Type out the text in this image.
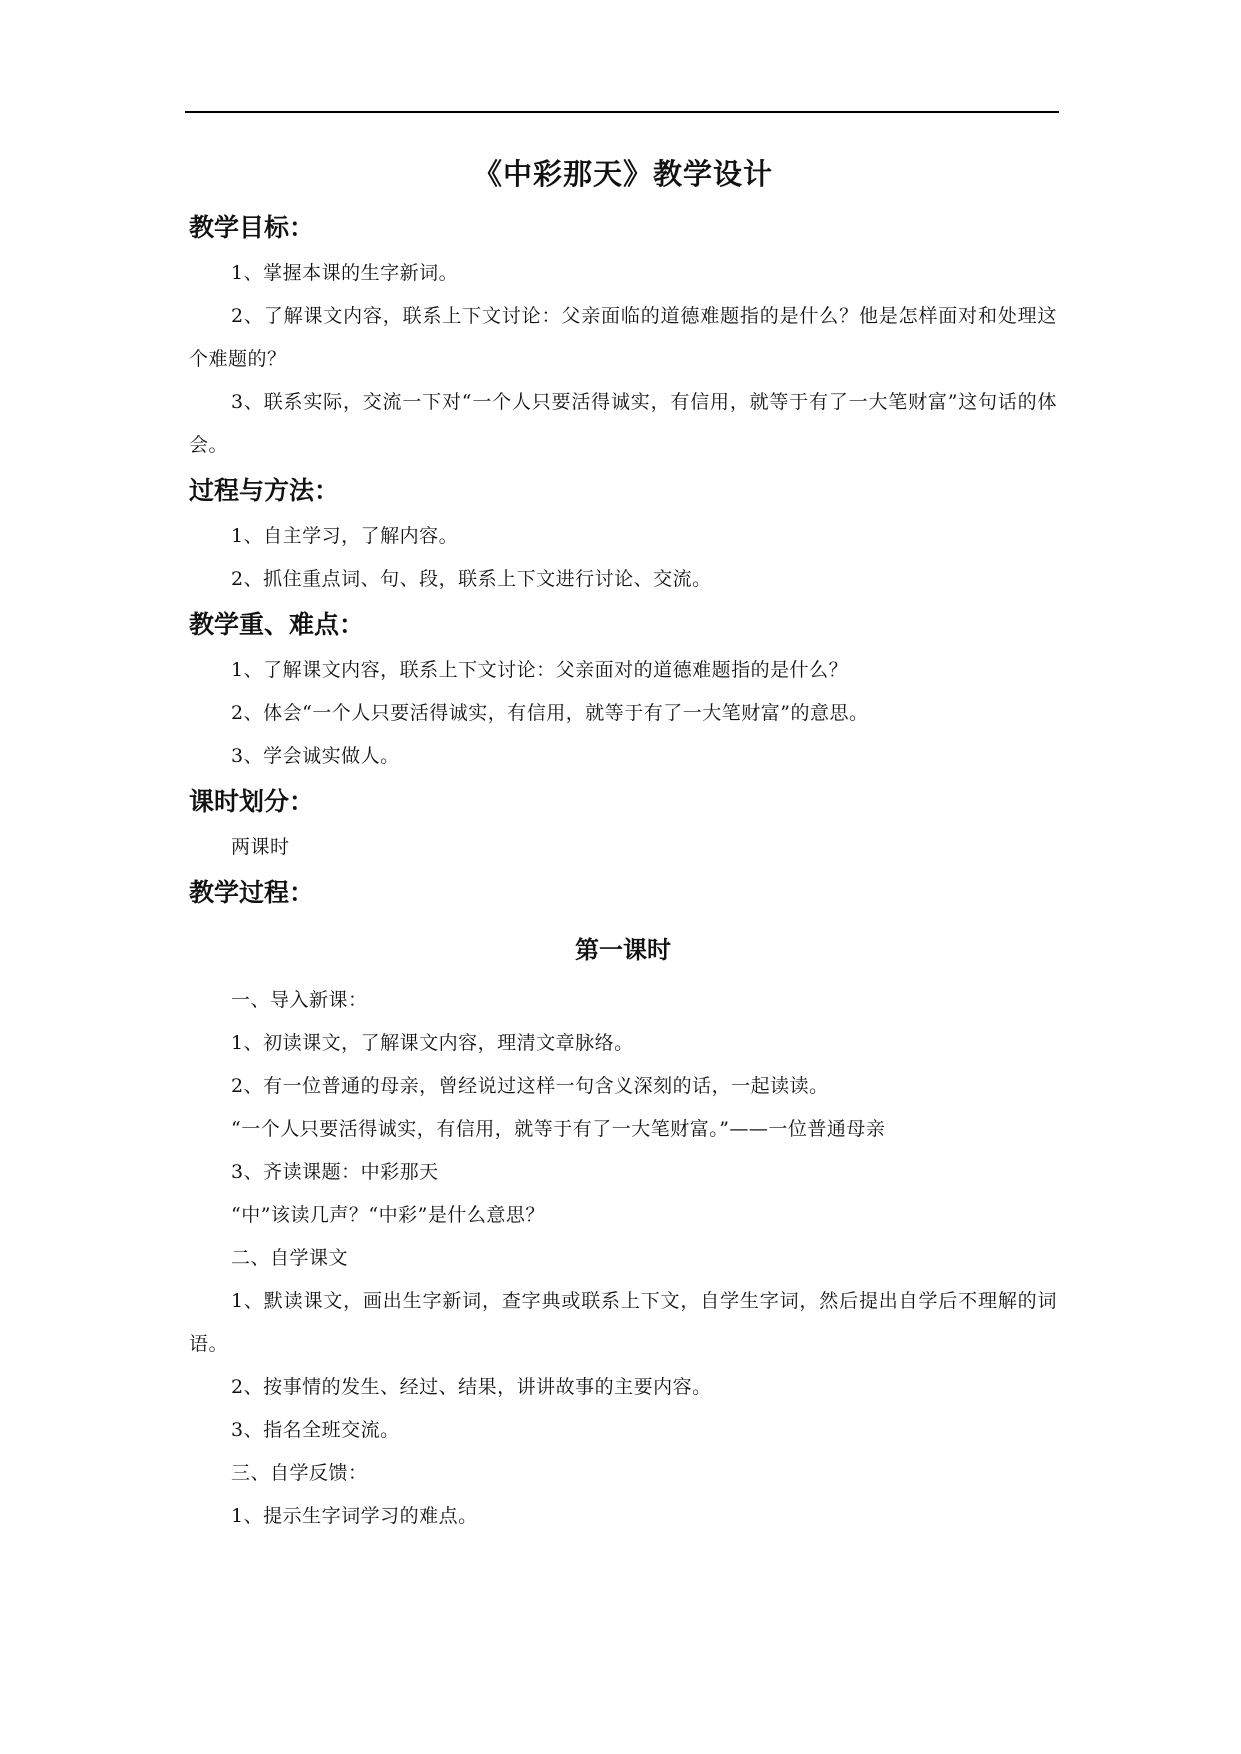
《中彩那天》教学设计
教学目标：

1、掌握本课的生字新词。

2、了解课文内容，联系上下文讨论：父亲面临的道德难题指的是什么？他是怎样面对和处理这个难题的？

3、联系实际，交流一下对“一个人只要活得诚实，有信用，就等于有了一大笔财富”这句话的体会。

过程与方法：

1、自主学习，了解内容。

2、抓住重点词、句、段，联系上下文进行讨论、交流。

教学重、难点：

1、了解课文内容，联系上下文讨论：父亲面对的道德难题指的是什么？

2、体会“一个人只要活得诚实，有信用，就等于有了一大笔财富”的意思。

3、学会诚实做人。

课时划分：

两课时

教学过程：
第一课时

一、导入新课：

1、初读课文，了解课文内容，理清文章脉络。

2、有一位普通的母亲，曾经说过这样一句含义深刻的话，一起读读。

“一个人只要活得诚实，有信用，就等于有了一大笔财富。”——一位普通母亲

3、齐读课题：中彩那天

“中”该读几声？“中彩”是什么意思？

二、自学课文

1、默读课文，画出生字新词，查字典或联系上下文，自学生字词，然后提出自学后不理解的词语。

2、按事情的发生、经过、结果，讲讲故事的主要内容。

3、指名全班交流。

三、自学反馈：

1、提示生字词学习的难点。
